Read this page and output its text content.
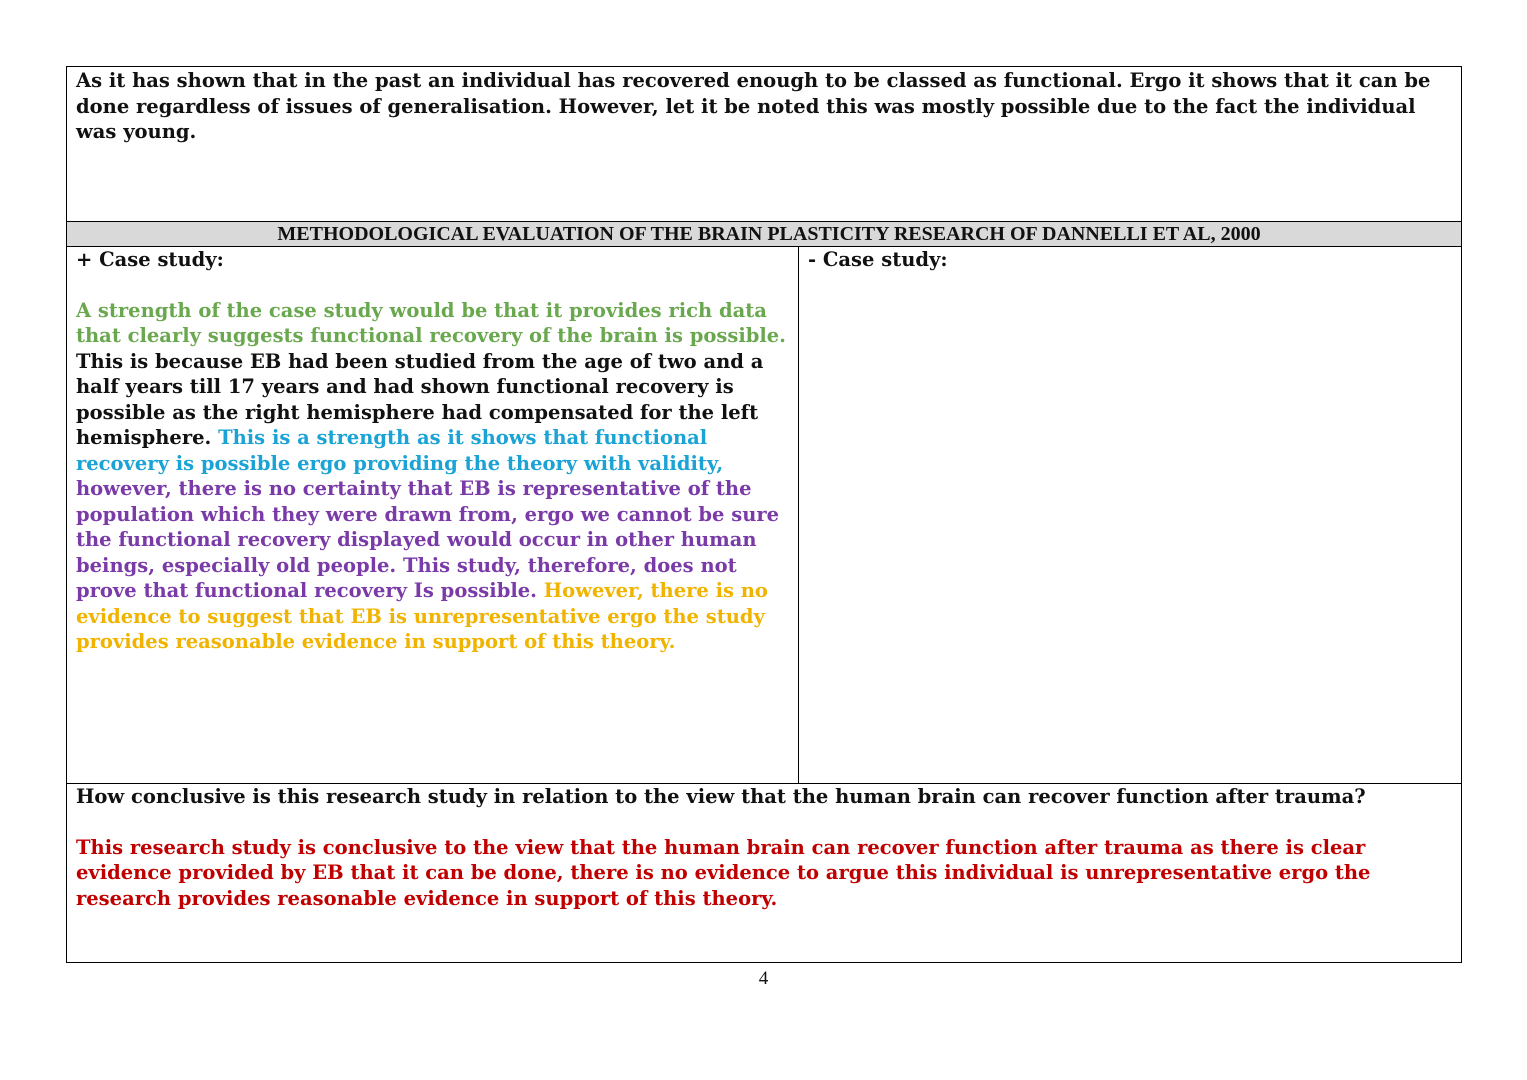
As it has shown that in the past an individual has recovered enough to be classed as functional. Ergo it shows that it can be done regardless of issues of generalisation. However, let it be noted this was mostly possible due to the fact the individual was young.
METHODOLOGICAL EVALUATION OF THE BRAIN PLASTICITY RESEARCH OF DANNELLI ET AL, 2000

+ Case study:

A strength of the case study would be that it provides rich data that clearly suggests functional recovery of the brain is possible. This is because EB had been studied from the age of two and a half years till 17 years and had shown functional recovery is possible as the right hemisphere had compensated for the left hemisphere. This is a strength as it shows that functional recovery is possible ergo providing the theory with validity, however, there is no certainty that EB is representative of the population which they were drawn from, ergo we cannot be sure the functional recovery displayed would occur in other human beings, especially old people. This study, therefore, does not prove that functional recovery Is possible. However, there is no evidence to suggest that EB is unrepresentative ergo the study provides reasonable evidence in support of this theory.

- Case study:

How conclusive is this research study in relation to the view that the human brain can recover function after trauma?

This research study is conclusive to the view that the human brain can recover function after trauma as there is clear evidence provided by EB that it can be done, there is no evidence to argue this individual is unrepresentative ergo the research provides reasonable evidence in support of this theory.

4
